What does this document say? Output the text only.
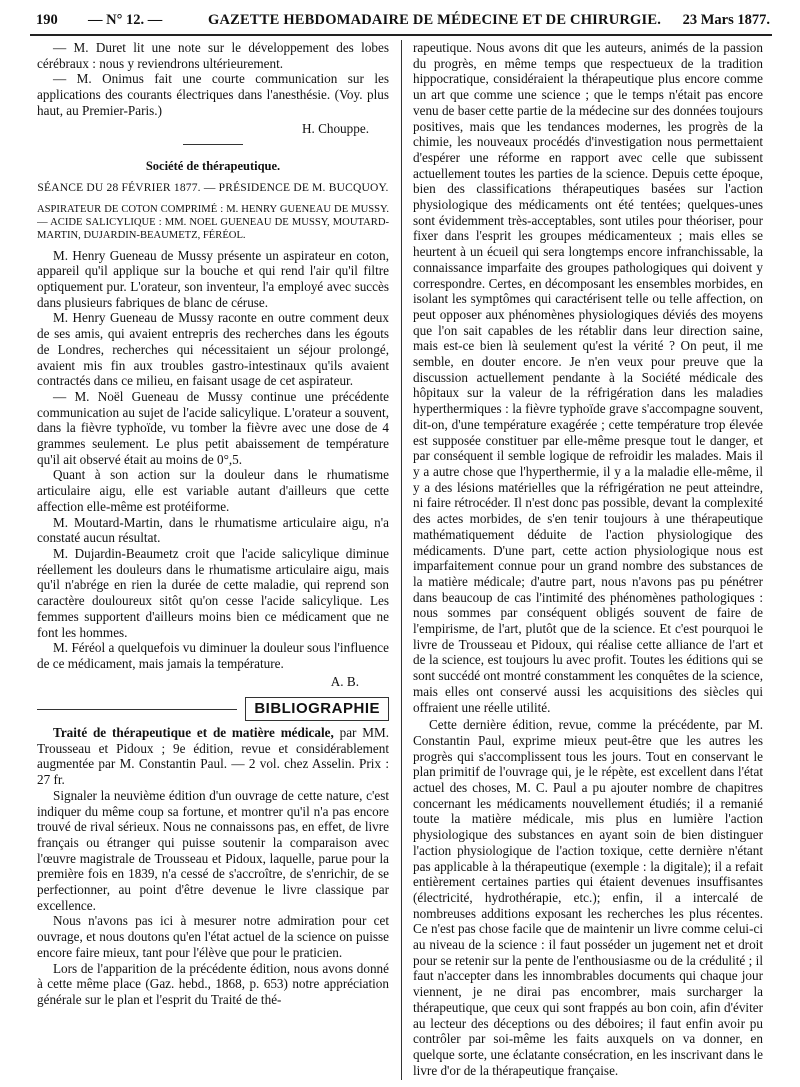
190 — N° 12. —	GAZETTE HEBDOMADAIRE DE MÉDECINE ET DE CHIRURGIE. 23 Mars 1877.

— M. Duret lit une note sur le développement des lobes cérébraux : nous y reviendrons ultérieurement.

— M. Onimus fait une courte communication sur les applications des courants électriques dans l'anesthésie. (Voy. plus haut, au Premier-Paris.)

H. Chouppe.
Société de thérapeutique.
SÉANCE DU 28 FÉVRIER 1877. — PRÉSIDENCE DE M. BUCQUOY.
ASPIRATEUR DE COTON COMPRIMÉ : M. HENRY GUENEAU DE MUSSY. — ACIDE SALICYLIQUE : MM. NOEL GUENEAU DE MUSSY, MOUTARD-MARTIN, DUJARDIN-BEAUMETZ, FÉRÉOL.

M. Henry Gueneau de Mussy présente un aspirateur en coton, appareil qu'il applique sur la bouche et qui rend l'air qu'il filtre optiquement pur. L'orateur, son inventeur, l'a employé avec succès dans plusieurs fabriques de blanc de céruse.

M. Henry Gueneau de Mussy raconte en outre comment deux de ses amis, qui avaient entrepris des recherches dans les égouts de Londres, recherches qui nécessitaient un séjour prolongé, avaient mis fin aux troubles gastro-intestinaux qu'ils avaient contractés dans ce milieu, en faisant usage de cet aspirateur.

— M. Noël Gueneau de Mussy continue une précédente communication au sujet de l'acide salicylique. L'orateur a souvent, dans la fièvre typhoïde, vu tomber la fièvre avec une dose de 4 grammes seulement. Le plus petit abaissement de température qu'il ait observé était au moins de 0°,5.

Quant à son action sur la douleur dans le rhumatisme articulaire aigu, elle est variable autant d'ailleurs que cette affection elle-même est protéiforme.

M. Moutard-Martin, dans le rhumatisme articulaire aigu, n'a constaté aucun résultat.

M. Dujardin-Beaumetz croit que l'acide salicylique diminue réellement les douleurs dans le rhumatisme articulaire aigu, mais qu'il n'abrége en rien la durée de cette maladie, qui reprend son caractère douloureux sitôt qu'on cesse l'acide salicylique. Les femmes supportent d'ailleurs moins bien ce médicament que ne font les hommes.

M. Féréol a quelquefois vu diminuer la douleur sous l'influence de ce médicament, mais jamais la température.

A. B.
BIBLIOGRAPHIE

Traité de thérapeutique et de matière médicale, par MM. Trousseau et Pidoux ; 9e édition, revue et considérablement augmentée par M. Constantin Paul. — 2 vol. chez Asselin. Prix : 27 fr.

Signaler la neuvième édition d'un ouvrage de cette nature, c'est indiquer du même coup sa fortune, et montrer qu'il n'a pas encore trouvé de rival sérieux. Nous ne connaissons pas, en effet, de livre français ou étranger qui puisse soutenir la comparaison avec l'œuvre magistrale de Trousseau et Pidoux, laquelle, parue pour la première fois en 1839, n'a cessé de s'accroître, de s'enrichir, de se perfectionner, au point d'être devenue le livre classique par excellence.

Nous n'avons pas ici à mesurer notre admiration pour cet ouvrage, et nous doutons qu'en l'état actuel de la science on puisse encore faire mieux, tant pour l'élève que pour le praticien.

Lors de l'apparition de la précédente édition, nous avons donné à cette même place (Gaz. hebd., 1868, p. 653) notre appréciation générale sur le plan et l'esprit du Traité de thé-

rapeutique. Nous avons dit que les auteurs, animés de la passion du progrès, en même temps que respectueux de la tradition hippocratique, considéraient la thérapeutique plus encore comme un art que comme une science ; que le temps n'était pas encore venu de baser cette partie de la médecine sur des données toujours positives, mais que les tendances modernes, les progrès de la chimie, les nouveaux procédés d'investigation nous permettaient d'espérer une réforme en rapport avec celle que subissent actuellement toutes les parties de la science. Depuis cette époque, bien des classifications thérapeutiques basées sur l'action physiologique des médicaments ont été tentées; quelques-unes sont évidemment très-acceptables, sont utiles pour théoriser, pour fixer dans l'esprit les groupes médicamenteux ; mais elles se heurtent à un écueil qui sera longtemps encore infranchissable, la connaissance imparfaite des groupes pathologiques qui doivent y correspondre. Certes, en décomposant les ensembles morbides, en isolant les symptômes qui caractérisent telle ou telle affection, on peut opposer aux phénomènes physiologiques déviés des moyens que l'on sait capables de les rétablir dans leur direction saine, mais est-ce bien là seulement qu'est la vérité ? On peut, il me semble, en douter encore. Je n'en veux pour preuve que la discussion actuellement pendante à la Société médicale des hôpitaux sur la valeur de la réfrigération dans les maladies hyperthermiques : la fièvre typhoïde grave s'accompagne souvent, dit-on, d'une température exagérée ; cette température trop élevée est supposée constituer par elle-même presque tout le danger, et par conséquent il semble logique de refroidir les malades. Mais il y a autre chose que l'hyperthermie, il y a la maladie elle-même, il y a des lésions matérielles que la réfrigération ne peut atteindre, ni faire rétrocéder. Il n'est donc pas possible, devant la complexité des actes morbides, de s'en tenir toujours à une thérapeutique mathématiquement déduite de l'action physiologique des médicaments. D'une part, cette action physiologique nous est imparfaitement connue pour un grand nombre des substances de la matière médicale; d'autre part, nous n'avons pas pu pénétrer dans beaucoup de cas l'intimité des phénomènes pathologiques : nous sommes par conséquent obligés souvent de faire de l'empirisme, de l'art, plutôt que de la science. Et c'est pourquoi le livre de Trousseau et Pidoux, qui réalise cette alliance de l'art et de la science, est toujours lu avec profit. Toutes les éditions qui se sont succédé ont montré constamment les conquêtes de la science, mais elles ont conservé aussi les acquisitions des siècles qui offraient une réelle utilité.

Cette dernière édition, revue, comme la précédente, par M. Constantin Paul, exprime mieux peut-être que les autres les progrès qui s'accomplissent tous les jours. Tout en conservant le plan primitif de l'ouvrage qui, je le répète, est excellent dans l'état actuel des choses, M. C. Paul a pu ajouter nombre de chapitres concernant les médicaments nouvellement étudiés; il a remanié toute la matière médicale, mis plus en lumière l'action physiologique des substances en ayant soin de bien distinguer l'action physiologique de l'action toxique, cette dernière n'étant pas applicable à la thérapeutique (exemple : la digitale); il a refait entièrement certaines parties qui étaient devenues insuffisantes (électricité, hydrothérapie, etc.); enfin, il a intercalé de nombreuses additions exposant les recherches les plus récentes. Ce n'est pas chose facile que de maintenir un livre comme celui-ci au niveau de la science : il faut posséder un jugement net et droit pour se retenir sur la pente de l'enthousiasme ou de la crédulité ; il faut n'accepter dans les innombrables documents qui chaque jour viennent, je ne dirai pas encombrer, mais surcharger la thérapeutique, que ceux qui sont frappés au bon coin, afin d'éviter au lecteur des déceptions ou des déboires; il faut enfin avoir pu contrôler par soi-même les faits auxquels on va donner, en quelque sorte, une éclatante consécration, en les inscrivant dans le livre d'or de la thérapeutique française.
